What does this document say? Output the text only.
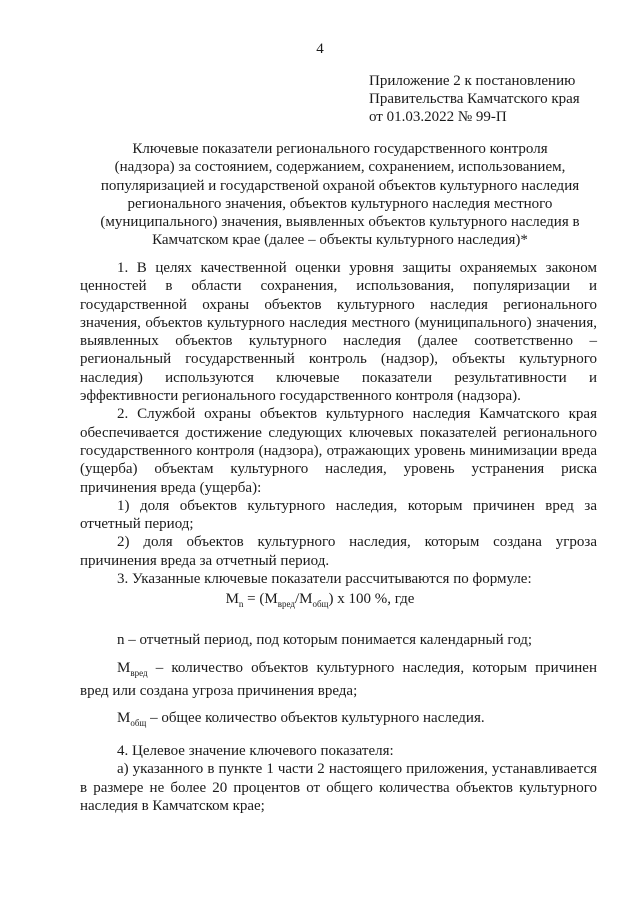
4
Приложение 2 к постановлению
Правительства Камчатского края
от 01.03.2022 № 99-П
Ключевые показатели регионального государственного контроля
(надзора) за состоянием, содержанием, сохранением, использованием,
популяризацией и государственой охраной объектов культурного наследия
регионального значения, объектов культурного наследия местного
(муниципального) значения, выявленных объектов культурного наследия в
Камчатском крае (далее – объекты культурного наследия)*

1. В целях качественной оценки уровня защиты охраняемых законом ценностей в области сохранения, использования, популяризации и государственной охраны объектов культурного наследия регионального значения, объектов культурного наследия местного (муниципального) значения, выявленных объектов культурного наследия (далее соответственно – региональный государственный контроль (надзор), объекты культурного наследия) используются ключевые показатели результативности и эффективности регионального государственного контроля (надзора).

2. Службой охраны объектов культурного наследия Камчатского края обеспечивается достижение следующих ключевых показателей регионального государственного контроля (надзора), отражающих уровень минимизации вреда (ущерба) объектам культурного наследия, уровень устранения риска причинения вреда (ущерба):

1) доля объектов культурного наследия, которым причинен вред за отчетный период;

2) доля объектов культурного наследия, которым создана угроза причинения вреда за отчетный период.

3. Указанные ключевые показатели рассчитываются по формуле:

$М_n = (М_{вред}/М_{общ})$ x 100 %, где

n – отчетный период, под которым понимается календарный год;

$М_{вред}$ – количество объектов культурного наследия, которым причинен вред или создана угроза причинения вреда;

$М_{общ}$ – общее количество объектов культурного наследия.

4. Целевое значение ключевого показателя:

а) указанного в пункте 1 части 2 настоящего приложения, устанавливается в размере не более 20 процентов от общего количества объектов культурного наследия в Камчатском крае;
